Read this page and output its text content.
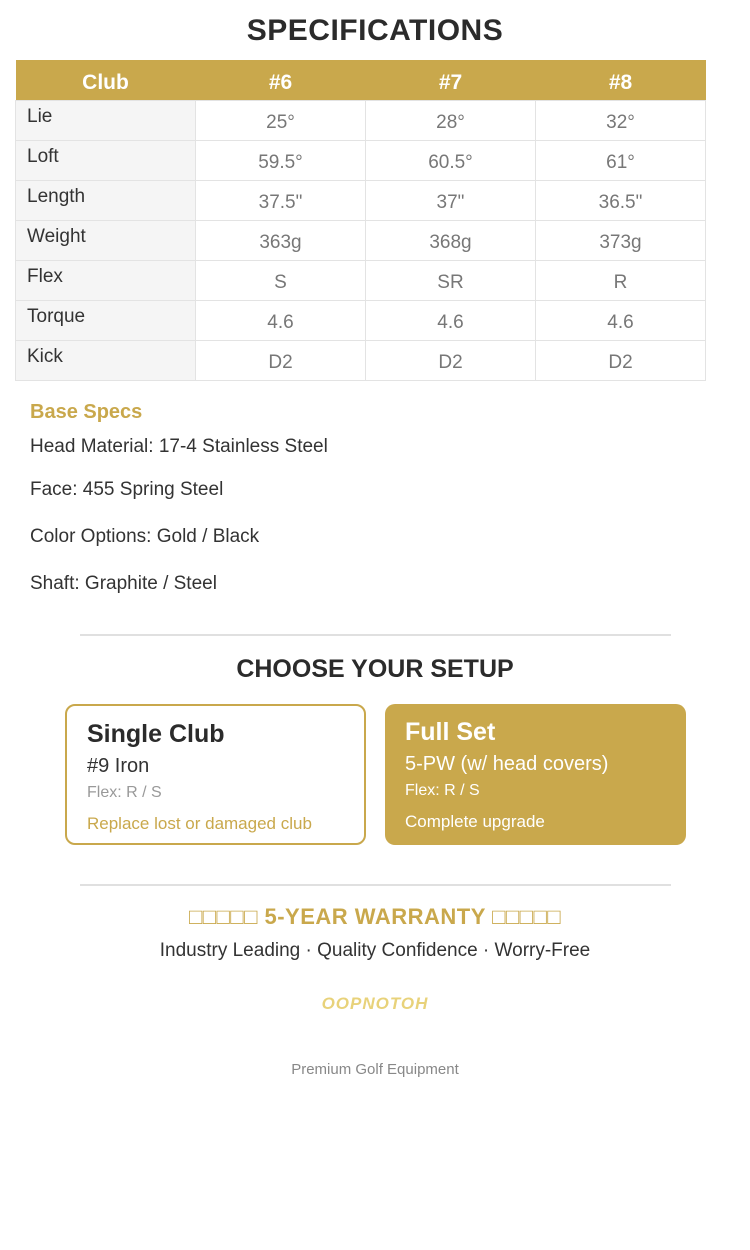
SPECIFICATIONS
Club	#6	#7	#8
Lie	25°	28°	32°
Loft	59.5°	60.5°	61°
Length	37.5"	37"	36.5"
Weight	363g	368g	373g
Flex	S	SR	R
Torque	4.6	4.6	4.6
Kick	D2	D2	D2
Base Specs
Head Material: 17-4 Stainless Steel
Face: 455 Spring Steel
Color Options: Gold / Black
Shaft: Graphite / Steel
CHOOSE YOUR SETUP
Single Club
#9 Iron
Flex: R / S
Replace lost or damaged club
Full Set
5-PW (w/ head covers)
Flex: R / S
Complete upgrade
□□□□□ 5-YEAR WARRANTY □□□□□
Industry Leading · Quality Confidence · Worry-Free
OOPNOTOH
Premium Golf Equipment
